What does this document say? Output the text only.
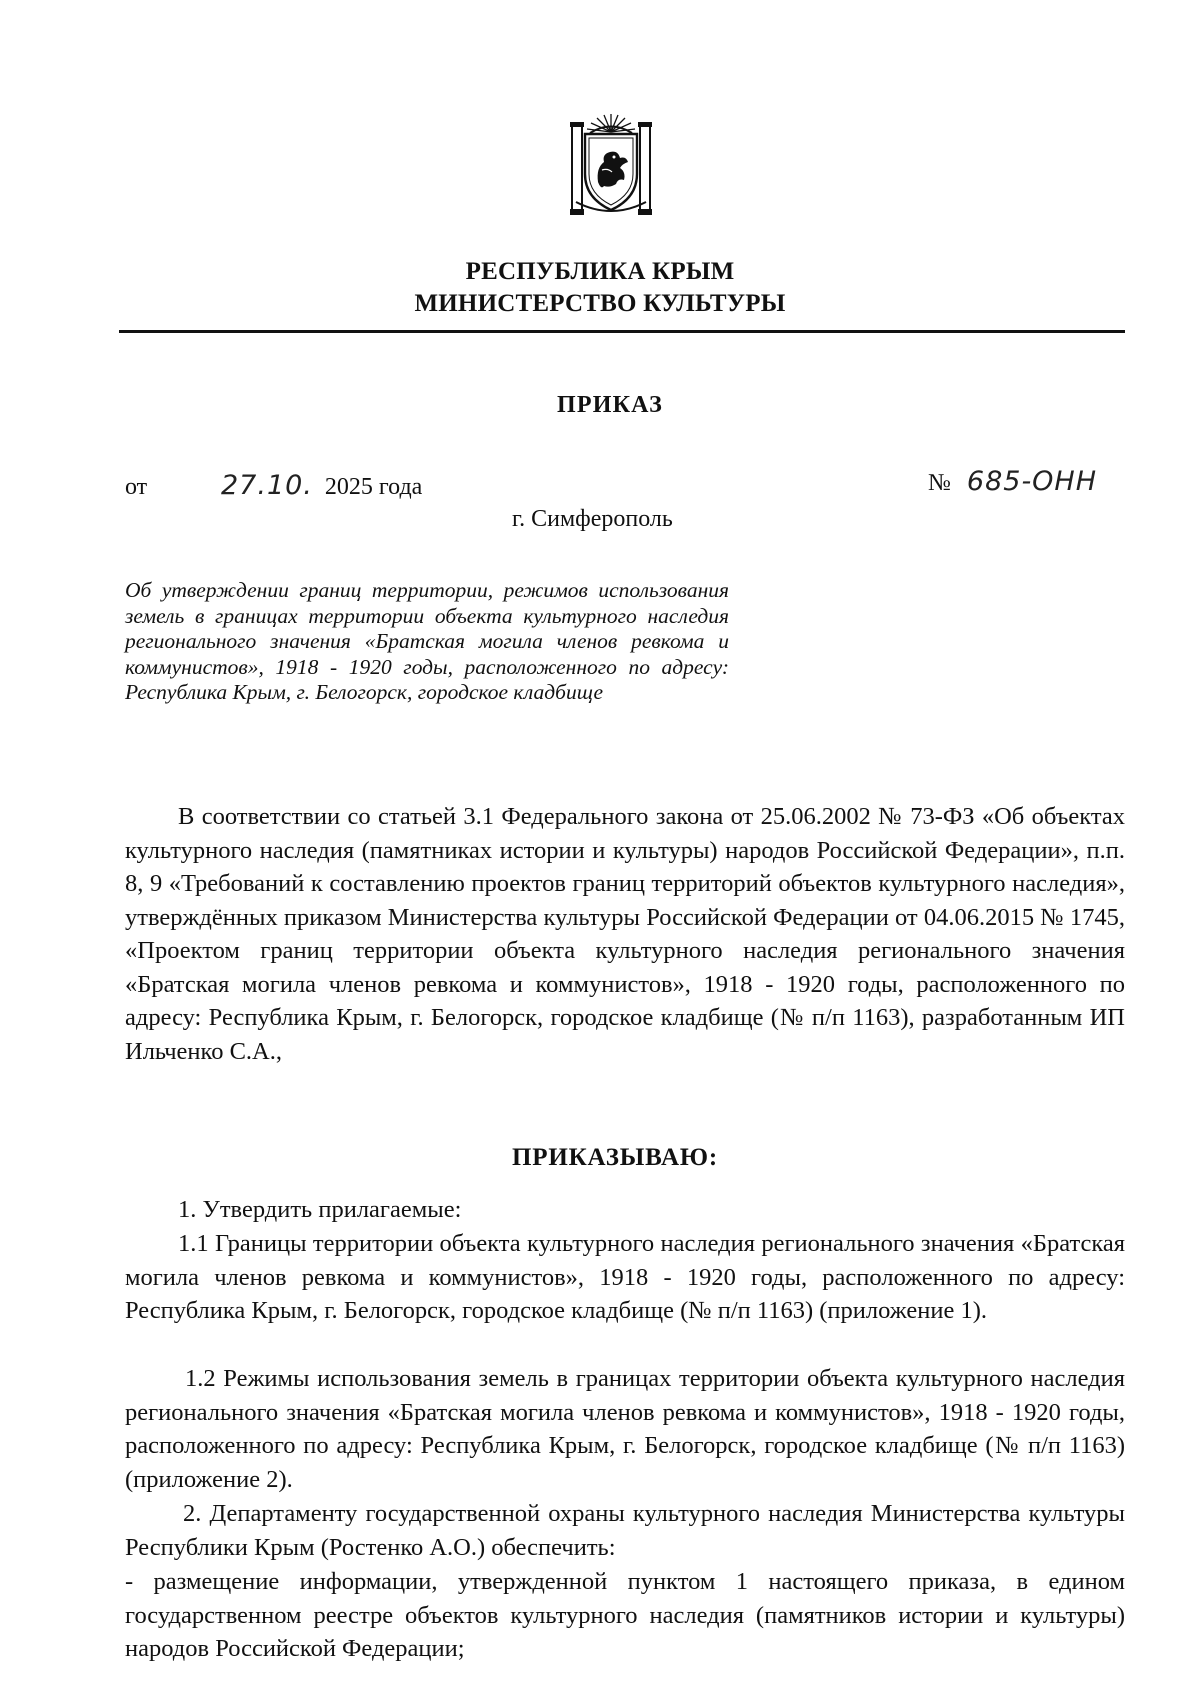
РЕСПУБЛИКА КРЫМ
МИНИСТЕРСТВО КУЛЬТУРЫ
ПРИКАЗ
от	27.10. 2025 года	№ 685-ОНН
г. Симферополь
Об утверждении границ территории, режимов использования земель в границах территории объекта культурного наследия регионального значения «Братская могила членов ревкома и коммунистов», 1918 - 1920 годы, расположенного по адресу: Республика Крым, г. Белогорск, городское кладбище
В соответствии со статьей 3.1 Федерального закона от 25.06.2002 № 73-ФЗ «Об объектах культурного наследия (памятниках истории и культуры) народов Российской Федерации», п.п. 8, 9 «Требований к составлению проектов границ территорий объектов культурного наследия», утверждённых приказом Министерства культуры Российской Федерации от 04.06.2015 № 1745, «Проектом границ территории объекта культурного наследия регионального значения «Братская могила членов ревкома и коммунистов», 1918 - 1920 годы, расположенного по адресу: Республика Крым, г. Белогорск, городское кладбище (№ п/п 1163), разработанным ИП Ильченко С.А.,
ПРИКАЗЫВАЮ:
1. Утвердить прилагаемые:
1.1 Границы территории объекта культурного наследия регионального значения «Братская могила членов ревкома и коммунистов», 1918 - 1920 годы, расположенного по адресу: Республика Крым, г. Белогорск, городское кладбище (№ п/п 1163) (приложение 1).
1.2 Режимы использования земель в границах территории объекта культурного наследия регионального значения «Братская могила членов ревкома и коммунистов», 1918 - 1920 годы, расположенного по адресу: Республика Крым, г. Белогорск, городское кладбище (№ п/п 1163) (приложение 2).
2. Департаменту государственной охраны культурного наследия Министерства культуры Республики Крым (Ростенко А.О.) обеспечить:
- размещение информации, утвержденной пунктом 1 настоящего приказа, в едином государственном реестре объектов культурного наследия (памятников истории и культуры) народов Российской Федерации;
